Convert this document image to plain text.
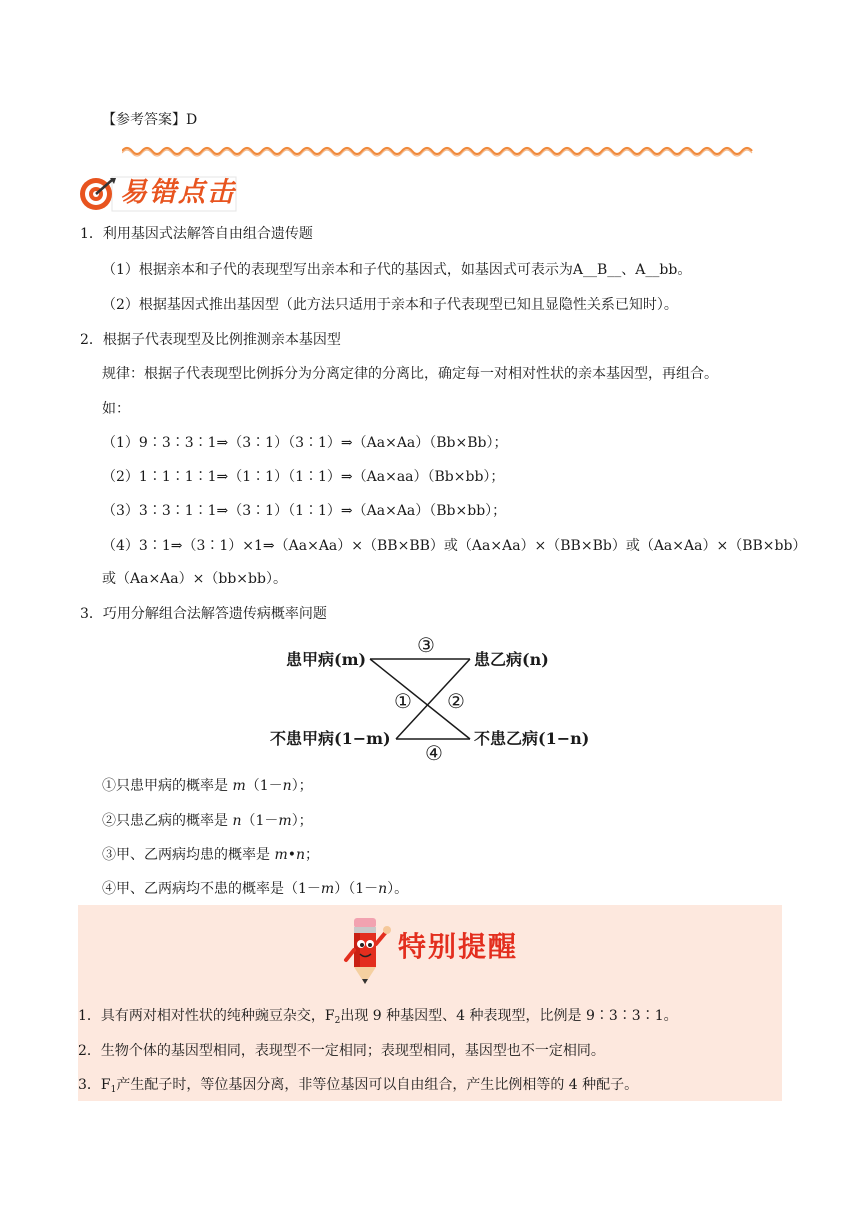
【参考答案】D
易错点击
1．利用基因式法解答自由组合遗传题
（1）根据亲本和子代的表现型写出亲本和子代的基因式，如基因式可表示为A__B__、A__bb。
（2）根据基因式推出基因型（此方法只适用于亲本和子代表现型已知且显隐性关系已知时）。
2．根据子代表现型及比例推测亲本基因型
规律：根据子代表现型比例拆分为分离定律的分离比，确定每一对相对性状的亲本基因型，再组合。
如：
（1）9∶3∶3∶1⇒（3∶1）（3∶1）⇒（Aa×Aa）（Bb×Bb）；
（2）1∶1∶1∶1⇒（1∶1）（1∶1）⇒（Aa×aa）（Bb×bb）；
（3）3∶3∶1∶1⇒（3∶1）（1∶1）⇒（Aa×Aa）（Bb×bb）；
（4）3∶1⇒（3∶1）×1⇒（Aa×Aa）×（BB×BB）或（Aa×Aa）×（BB×Bb）或（Aa×Aa）×（BB×bb）
或（Aa×Aa）×（bb×bb）。
3．巧用分解组合法解答遗传病概率问题
患甲病(m)	患乙病(n)
不患甲病(1−m)	不患乙病(1−n)
③
① ②
④
①只患甲病的概率是 m（1－n）；
②只患乙病的概率是 n（1－m）；
③甲、乙两病均患的概率是 m•n；
④甲、乙两病均不患的概率是（1－m）（1－n）。
特别提醒
1．具有两对相对性状的纯种豌豆杂交，$F_2$出现 9 种基因型、4 种表现型，比例是 9∶3∶3∶1。
2．生物个体的基因型相同，表现型不一定相同；表现型相同，基因型也不一定相同。
3．$F_1$产生配子时，等位基因分离，非等位基因可以自由组合，产生比例相等的 4 种配子。
